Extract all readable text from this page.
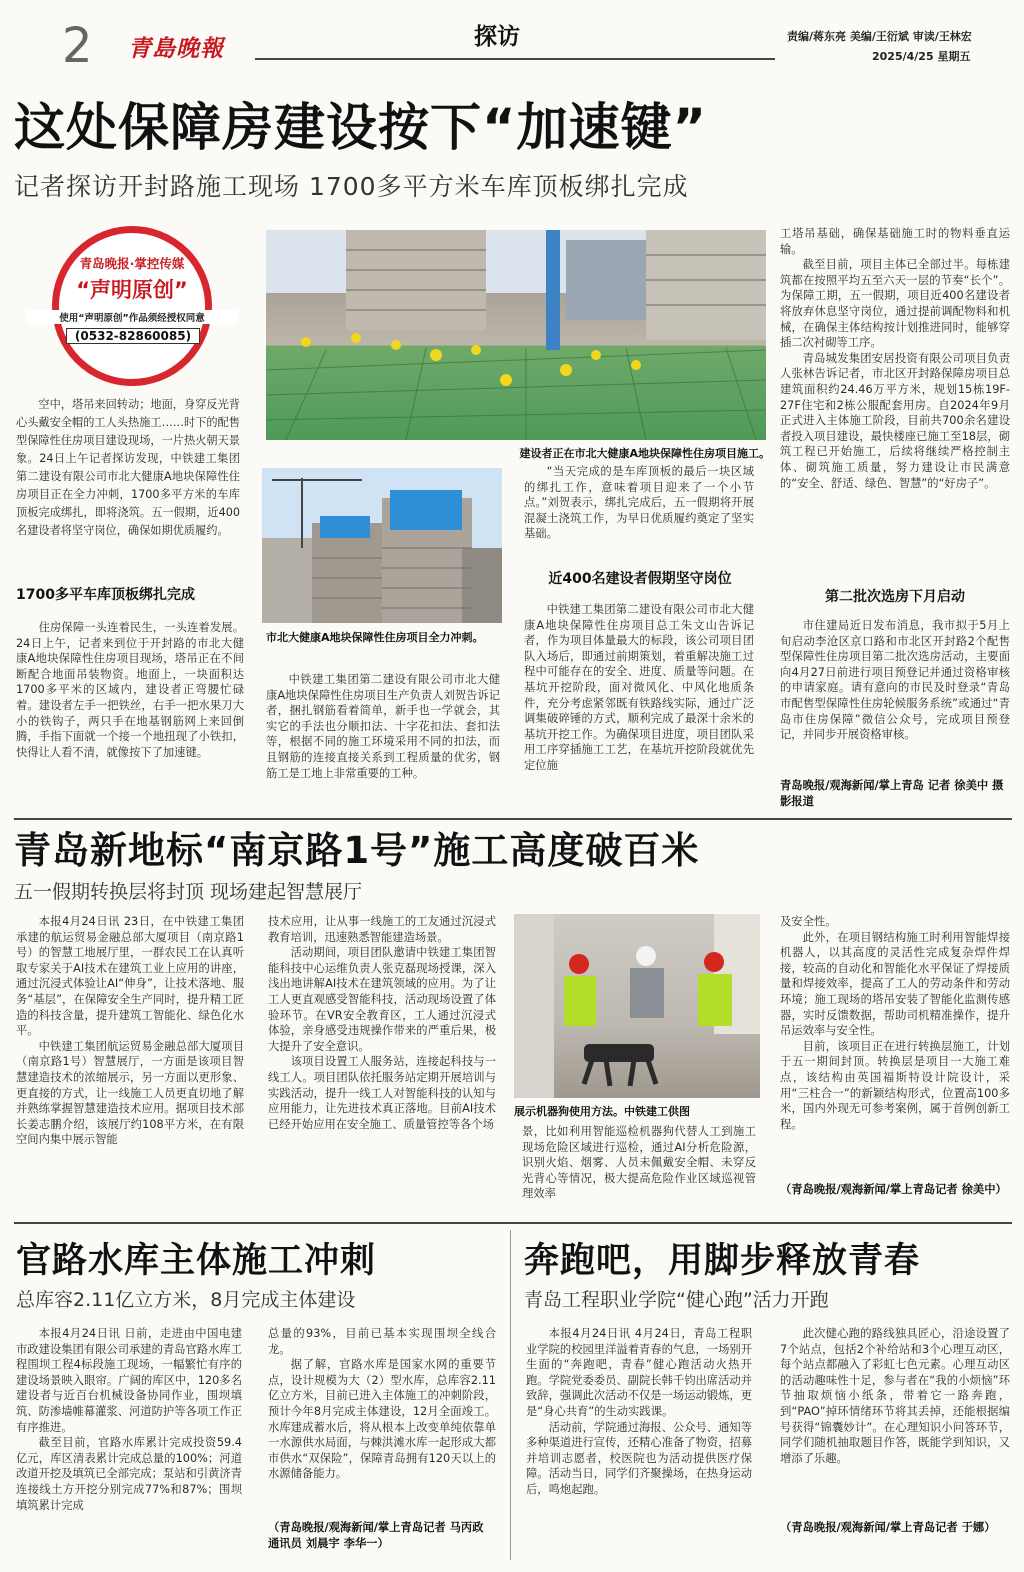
2 青島晚報	探访	责编/蒋东亮 美编/王衍斌 审读/王林宏
2025/4/25 星期五
这处保障房建设按下“加速键”
记者探访开封路施工现场 1700多平方米车库顶板绑扎完成
青岛晚报·掌控传媒
“声明原创”
使用“声明原创”作品须经授权同意
(0532-82860085)

空中，塔吊来回转动；地面，身穿反光背心头戴安全帽的工人头热施工……时下的配售型保障性住房项目建设现场，一片热火朝天景象。24日上午记者探访发现，中铁建工集团第二建设有限公司市北大健康A地块保障性住房项目正在全力冲刺，1700多平方米的车库顶板完成绑扎，即将浇筑。五一假期，近400名建设者将坚守岗位，确保如期优质履约。

1700多平车库顶板绑扎完成

住房保障一头连着民生，一头连着发展。24日上午，记者来到位于开封路的市北大健康A地块保障性住房项目现场，塔吊正在不间断配合地面吊装物资。地面上，一块面积达1700多平米的区域内，建设者正弯腰忙碌着。建设者左手一把铁丝，右手一把水果刀大小的铁钩子，两只手在地基钢筋网上来回倒腾，手指下面就一个接一个地扭现了小铁扣，快得让人看不清，就像按下了加速键。

建设者正在市北大健康A地块保障性住房项目施工。
市北大健康A地块保障性住房项目全力冲刺。

中铁建工集团第二建设有限公司市北大健康A地块保障性住房项目生产负责人刘贺告诉记者，捆扎钢筋看着简单，新手也一学就会，其实它的手法也分顺扣法、十字花扣法、套扣法等，根据不同的施工环境采用不同的扣法，而且钢筋的连接直接关系到工程质量的优劣，钢筋工是工地上非常重要的工种。

“当天完成的是车库顶板的最后一块区域的绑扎工作，意味着项目迎来了一个小节点。”刘贺表示，绑扎完成后，五一假期将开展混凝土浇筑工作，为早日优质履约奠定了坚实基础。

近400名建设者假期坚守岗位

中铁建工集团第二建设有限公司市北大健康A地块保障性住房项目总工朱文山告诉记者，作为项目体量最大的标段，该公司项目团队入场后，即通过前期策划，着重解决施工过程中可能存在的安全、进度、质量等问题。在基坑开挖阶段，面对微风化、中风化地质条件，充分考虑紧邻既有铁路线实际，通过广泛调集破碎锤的方式，顺利完成了最深十余米的基坑开挖工作。为确保项目进度，项目团队采用工序穿插施工工艺，在基坑开挖阶段就优先定位施

工塔吊基础，确保基础施工时的物料垂直运输。

截至目前，项目主体已全部过半。每栋建筑都在按照平均五至六天一层的节奏“长个”。为保障工期，五一假期，项目近400名建设者将放弃休息坚守岗位，通过提前调配物料和机械，在确保主体结构按计划推进同时，能够穿插二次衬砌等工序。

青岛城发集团安居投资有限公司项目负责人张林告诉记者，市北区开封路保障房项目总建筑面积约24.46万平方米，规划15栋19F-27F住宅和2栋公服配套用房。自2024年9月正式进入主体施工阶段，目前共700余名建设者投入项目建设，最快楼座已施工至18层，砌筑工程已开始施工，后续将继续严格控制主体、砌筑施工质量，努力建设让市民满意的“安全、舒适、绿色、智慧”的“好房子”。

第二批次选房下月启动

市住建局近日发布消息，我市拟于5月上旬启动李沧区京口路和市北区开封路2个配售型保障性住房项目第二批次选房活动，主要面向4月27日前进行项目预登记并通过资格审核的申请家庭。请有意向的市民及时登录“青岛市配售型保障性住房轮候服务系统”或通过“青岛市住房保障”微信公众号，完成项目预登记，并同步开展资格审核。

青岛晚报/观海新闻/掌上青岛 记者 徐美中 摄影报道
青岛新地标“南京路1号”施工高度破百米
五一假期转换层将封顶 现场建起智慧展厅

本报4月24日讯 23日，在中铁建工集团承建的航运贸易金融总部大厦项目（南京路1号）的智慧工地展厅里，一群农民工在认真听取专家关于AI技术在建筑工业上应用的讲座，通过沉浸式体验让AI“伸身”，让技术落地、服务“基层”，在保障安全生产同时，提升精工匠造的科技含量，提升建筑工智能化、绿色化水平。

中铁建工集团航运贸易金融总部大厦项目（南京路1号）智慧展厅，一方面是该项目智慧建造技术的浓缩展示，另一方面以更形象、更直接的方式，让一线施工人员更直切地了解并熟练掌握智慧建造技术应用。据项目技术部长姜志鹏介绍，该展厅约108平方米，在有限空间内集中展示智能

技术应用，让从事一线施工的工友通过沉浸式教育培训，迅速熟悉智能建造场景。

活动期间，项目团队邀请中铁建工集团智能科技中心运维负责人张克磊现场授课，深入浅出地讲解AI技术在建筑领域的应用。为了让工人更直观感受智能科技，活动现场设置了体验环节。在VR安全教育区，工人通过沉浸式体验，亲身感受违规操作带来的严重后果，极大提升了安全意识。

该项目设置工人服务站，连接起科技与一线工人。项目团队依托服务站定期开展培训与实践活动，提升一线工人对智能科技的认知与应用能力，让先进技术真正落地。目前AI技术已经开始应用在安全施工、质量管控等各个场

展示机器狗使用方法。中铁建工供图

景，比如利用智能巡检机器狗代替人工到施工现场危险区域进行巡检，通过AI分析危险源，识别火焰、烟雾、人员未佩戴安全帽、未穿反光背心等情况，极大提高危险作业区域巡视管理效率

及安全性。

此外，在项目钢结构施工时利用智能焊接机器人，以其高度的灵活性完成复杂焊件焊接，较高的自动化和智能化水平保证了焊接质量和焊接效率，提高了工人的劳动条件和劳动环境；施工现场的塔吊安装了智能化监测传感器，实时反馈数据，帮助司机精准操作，提升吊运效率与安全性。

目前，该项目正在进行转换层施工，计划于五一期间封顶。转换层是项目一大施工难点，该结构由英国福斯特设计院设计，采用“三柱合一”的新颖结构形式，位置高100多米，国内外现无可参考案例，属于首例创新工程。

（青岛晚报/观海新闻/掌上青岛记者 徐美中）
官路水库主体施工冲刺
总库容2.11亿立方米，8月完成主体建设

本报4月24日讯 日前，走进由中国电建市政建设集团有限公司承建的青岛官路水库工程围坝工程4标段施工现场，一幅繁忙有序的建设场景映入眼帘。广阔的库区中，120多名建设者与近百台机械设备协同作业，围坝填筑、防渗墙帷幕灌浆、河道防护等各项工作正有序推进。

截至目前，官路水库累计完成投资59.4亿元，库区清表累计完成总量的100%；河道改道开挖及填筑已全部完成；泵站和引黄济青连接线土方开挖分别完成77%和87%；围坝填筑累计完成

总量的93%，目前已基本实现围坝全线合龙。

据了解，官路水库是国家水网的重要节点，设计规模为大（2）型水库，总库容2.11亿立方米，目前已进入主体施工的冲刺阶段，预计今年8月完成主体建设，12月全面竣工。水库建成蓄水后，将从根本上改变单纯依靠单一水源供水局面，与棘洪滩水库一起形成大都市供水“双保险”，保障青岛拥有120天以上的水源储备能力。

（青岛晚报/观海新闻/掌上青岛记者 马丙政 通讯员 刘晨宇 李华一）
奔跑吧，用脚步释放青春
青岛工程职业学院“健心跑”活力开跑

本报4月24日讯 4月24日，青岛工程职业学院的校园里洋溢着青春的气息，一场别开生面的“奔跑吧，青春”健心跑活动火热开跑。学院党委委员、副院长韩千钧出席活动并致辞，强调此次活动不仅是一场运动锻炼，更是“身心共育”的生动实践课。

活动前，学院通过海报、公众号、通知等多种渠道进行宣传，还精心准备了物资，招募并培训志愿者，校医院也为活动提供医疗保障。活动当日，同学们齐聚操场，在热身运动后，鸣炮起跑。

此次健心跑的路线独具匠心，沿途设置了7个站点，包括2个补给站和3个心理互动区，每个站点都融入了彩虹七色元素。心理互动区的活动趣味性十足，参与者在“我的小烦恼”环节抽取烦恼小纸条，带着它一路奔跑，到“PAO”掉环情绪环节将其丢掉，还能根据编号获得“锦囊妙计”。在心理知识小问答环节，同学们随机抽取题目作答，既能学到知识，又增添了乐趣。

（青岛晚报/观海新闻/掌上青岛记者 于娜）
